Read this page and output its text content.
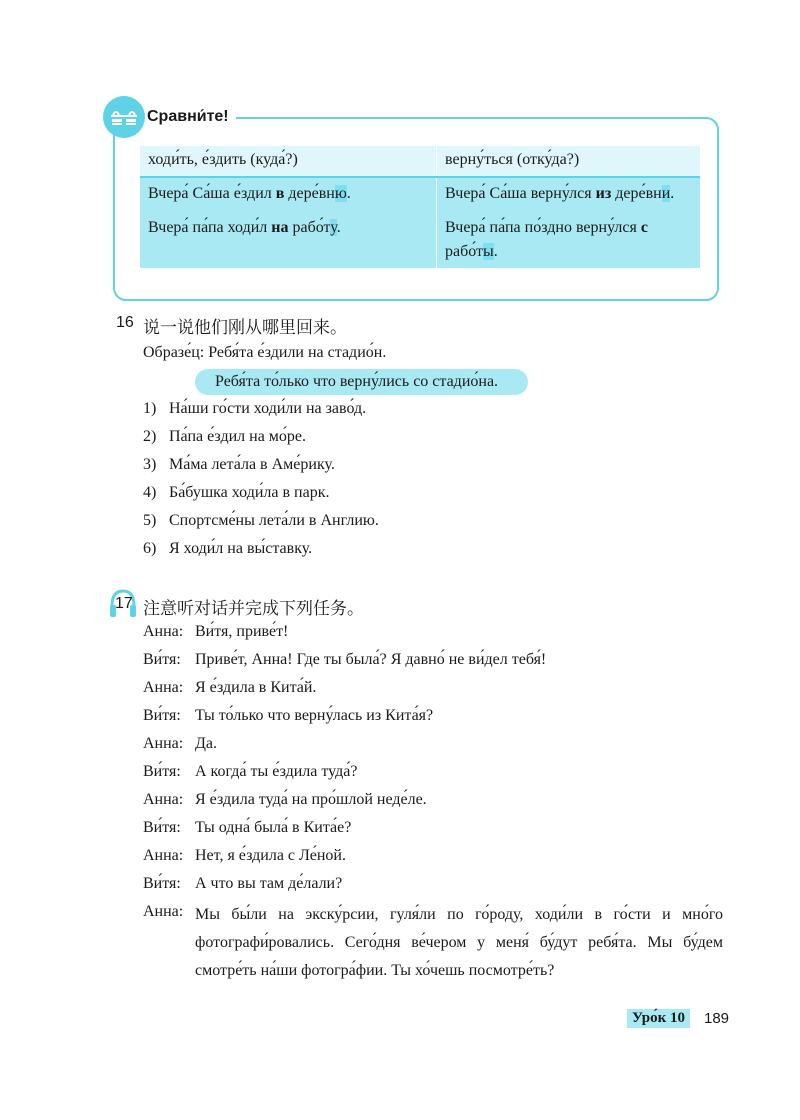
Сравни́те!
ходи́ть, е́здить (куда́?)	верну́ться (отку́да?)
Вчера́ Са́ша е́здил в дере́вню.	Вчера́ Са́ша верну́лся из дере́вни.
Вчера́ па́па ходи́л на рабо́ту.	Вчера́ па́па по́здно верну́лся с рабо́ты.
16 说一说他们刚从哪里回来。
Образе́ц: Ребя́та е́здили на стадио́н.
Ребя́та то́лько что верну́лись со стадио́на.
1) На́ши го́сти ходи́ли на заво́д.
2) Па́па е́здил на мо́ре.
3) Ма́ма лета́ла в Аме́рику.
4) Ба́бушка ходи́ла в парк.
5) Спортсме́ны лета́ли в Англию.
6) Я ходи́л на вы́ставку.
17 注意听对话并完成下列任务。
Анна: Ви́тя, приве́т!
Ви́тя: Приве́т, Анна! Где ты была́? Я давно́ не ви́дел тебя́!
Анна: Я е́здила в Кита́й.
Ви́тя: Ты то́лько что верну́лась из Кита́я?
Анна: Да.
Ви́тя: А когда́ ты е́здила туда́?
Анна: Я е́здила туда́ на про́шлой неде́ле.
Ви́тя: Ты одна́ была́ в Кита́е?
Анна: Нет, я е́здила с Ле́ной.
Ви́тя: А что вы там де́лали?
Анна: Мы бы́ли на экску́рсии, гуля́ли по го́роду, ходи́ли в го́сти и мно́го фотографи́ровались. Сего́дня ве́чером у меня́ бу́дут ребя́та. Мы бу́дем смотре́ть на́ши фотогра́фии. Ты хо́чешь посмотре́ть?
Уро́к 10	189
